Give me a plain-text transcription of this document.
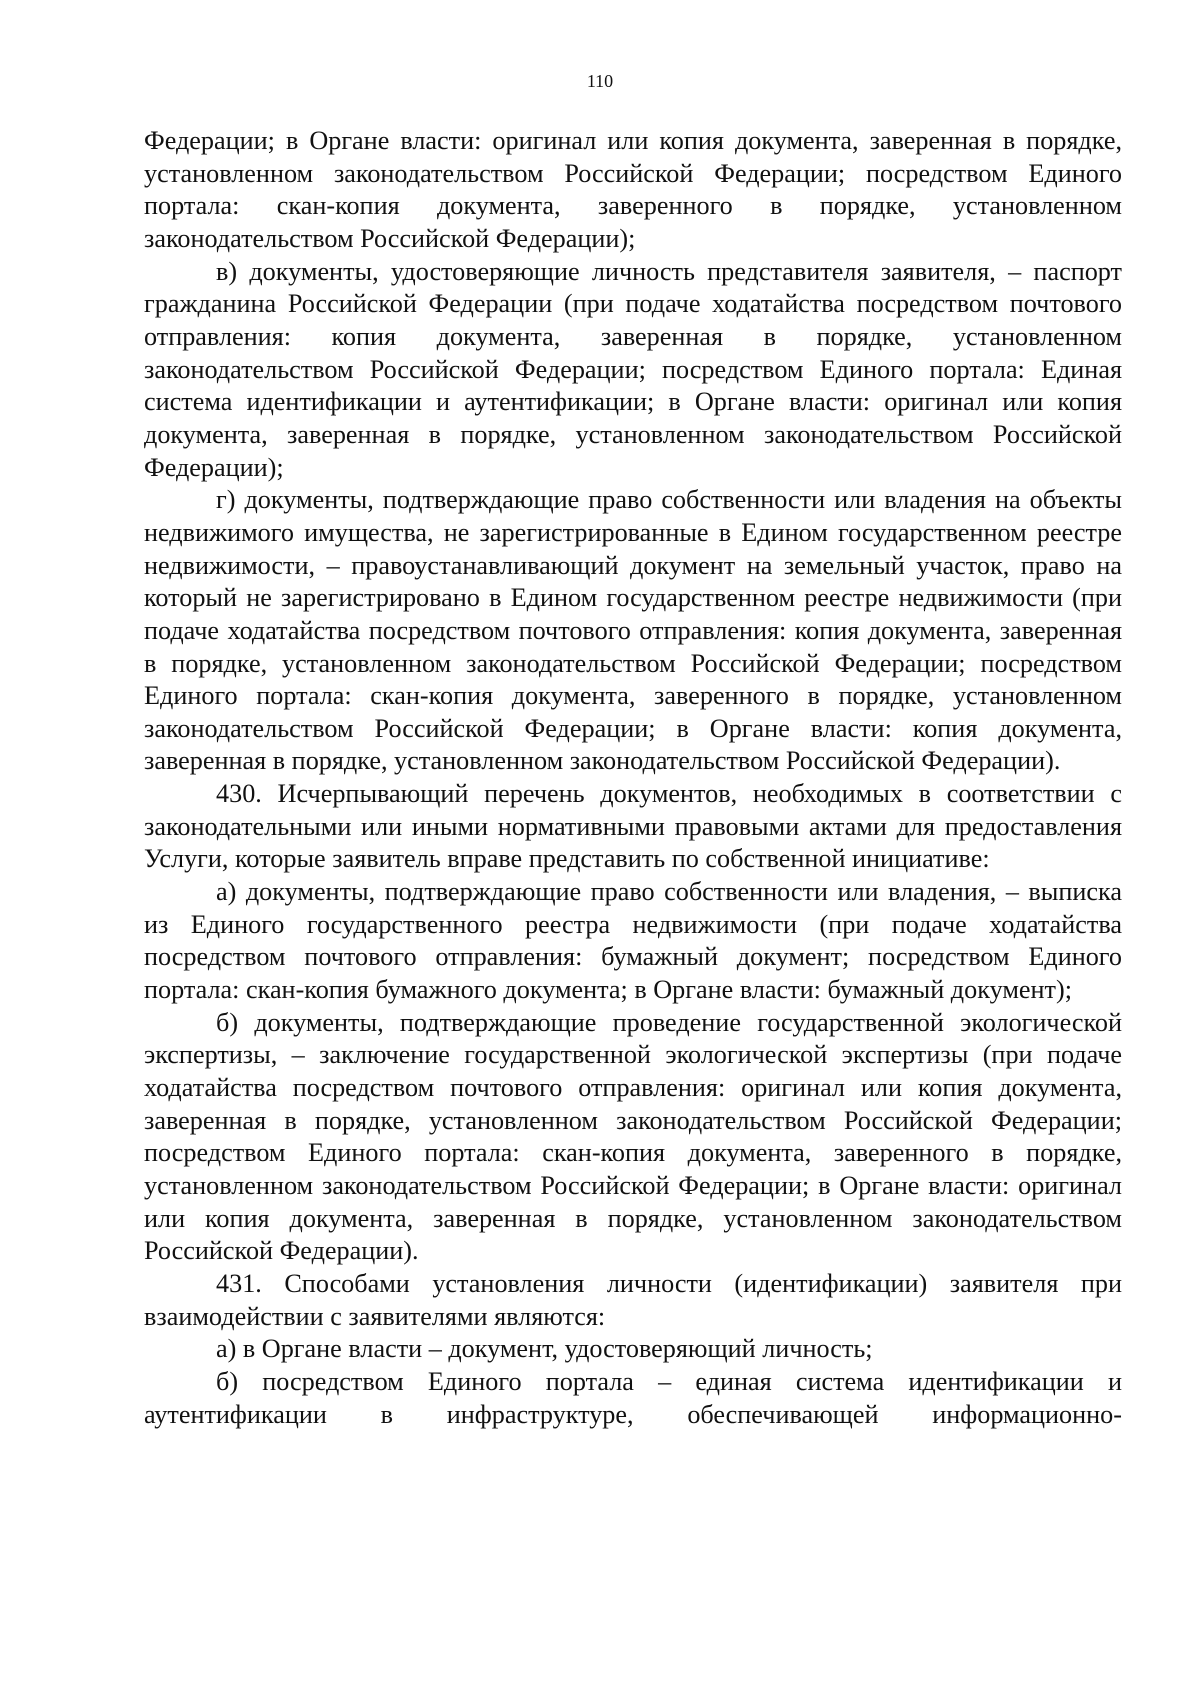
110

Федерации; в Органе власти: оригинал или копия документа, заверенная в порядке, установленном законодательством Российской Федерации; посредством Единого портала: скан-копия документа, заверенного в порядке, установленном законодательством Российской Федерации);

в) документы, удостоверяющие личность представителя заявителя, – паспорт гражданина Российской Федерации (при подаче ходатайства посредством почтового отправления: копия документа, заверенная в порядке, установленном законодательством Российской Федерации; посредством Единого портала: Единая система идентификации и аутентификации; в Органе власти: оригинал или копия документа, заверенная в порядке, установленном законодательством Российской Федерации);

г) документы, подтверждающие право собственности или владения на объекты недвижимого имущества, не зарегистрированные в Едином государственном реестре недвижимости, – правоустанавливающий документ на земельный участок, право на который не зарегистрировано в Едином государственном реестре недвижимости (при подаче ходатайства посредством почтового отправления: копия документа, заверенная в порядке, установленном законодательством Российской Федерации; посредством Единого портала: скан-копия документа, заверенного в порядке, установленном законодательством Российской Федерации; в Органе власти: копия документа, заверенная в порядке, установленном законодательством Российской Федерации).

430. Исчерпывающий перечень документов, необходимых в соответствии с законодательными или иными нормативными правовыми актами для предоставления Услуги, которые заявитель вправе представить по собственной инициативе:

а) документы, подтверждающие право собственности или владения, – выписка из Единого государственного реестра недвижимости (при подаче ходатайства посредством почтового отправления: бумажный документ; посредством Единого портала: скан-копия бумажного документа; в Органе власти: бумажный документ);

б) документы, подтверждающие проведение государственной экологической экспертизы, – заключение государственной экологической экспертизы (при подаче ходатайства посредством почтового отправления: оригинал или копия документа, заверенная в порядке, установленном законодательством Российской Федерации; посредством Единого портала: скан-копия документа, заверенного в порядке, установленном законодательством Российской Федерации; в Органе власти: оригинал или копия документа, заверенная в порядке, установленном законодательством Российской Федерации).

431. Способами установления личности (идентификации) заявителя при взаимодействии с заявителями являются:

а) в Органе власти – документ, удостоверяющий личность;

б) посредством Единого портала – единая система идентификации и аутентификации в инфраструктуре, обеспечивающей информационно-
